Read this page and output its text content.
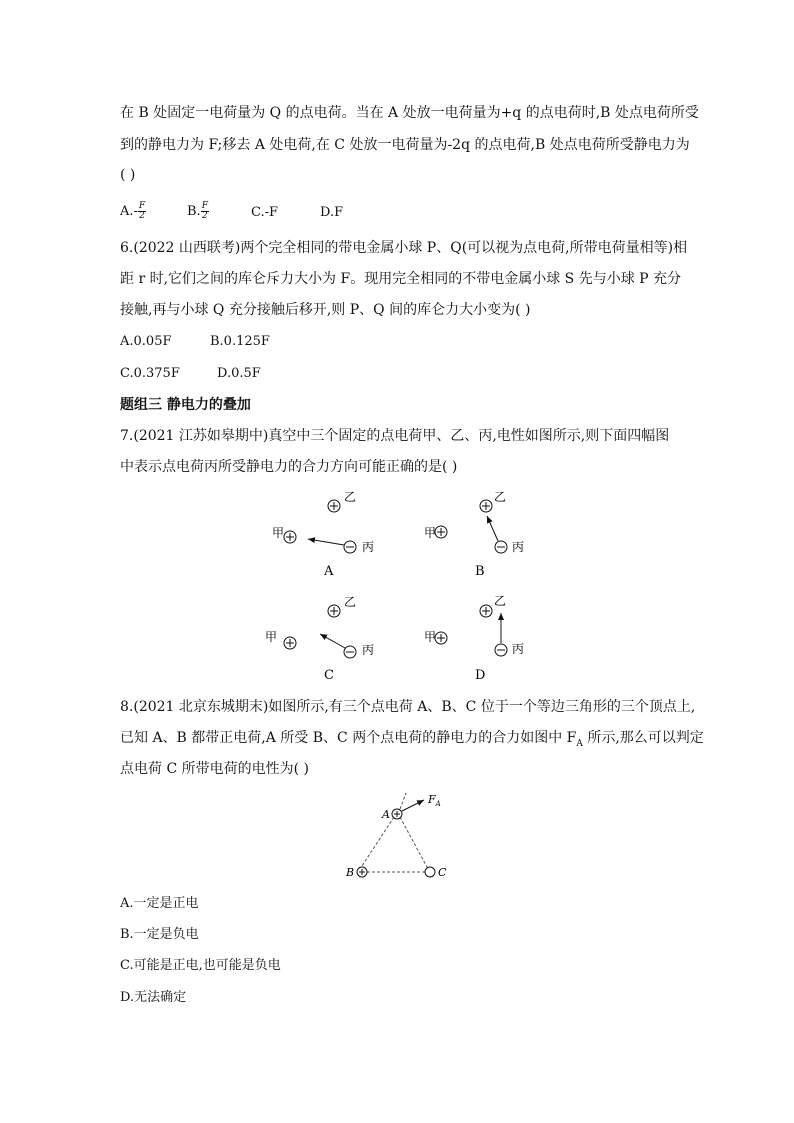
在 B 处固定一电荷量为 Q 的点电荷。当在 A 处放一电荷量为+q 的点电荷时,B 处点电荷所受
到的静电力为 F;移去 A 处电荷,在 C 处放一电荷量为-2q 的点电荷,B 处点电荷所受静电力为
( )
$A.- \frac{F}{2}$	B. $\frac{F}{2}$	C.-F	D.F
6.(2022 山西联考)两个完全相同的带电金属小球 P、Q(可以视为点电荷,所带电荷量相等)相
距 r 时,它们之间的库仑斥力大小为 F。现用完全相同的不带电金属小球 S 先与小球 P 充分
接触,再与小球 Q 充分接触后移开,则 P、Q 间的库仑力大小变为( )
A.0.05F	B.0.125F
C.0.375F	D.0.5F
题组三 静电力的叠加
7.(2021 江苏如皋期中)真空中三个固定的点电荷甲、乙、丙,电性如图所示,则下面四幅图
中表示点电荷丙所受静电力的合力方向可能正确的是( )
乙
甲
丙
A
乙
甲
丙
B
乙
甲
丙
C
乙
甲
丙
D
8.(2021 北京东城期末)如图所示,有三个点电荷 A、B、C 位于一个等边三角形的三个顶点上,
已知 A、B 都带正电荷,A 所受 B、C 两个点电荷的静电力的合力如图中 $F_A$ 所示,那么可以判定
点电荷 C 所带电荷的电性为( )
$F_A$
A
B	C
A.一定是正电
B.一定是负电
C.可能是正电,也可能是负电
D.无法确定
